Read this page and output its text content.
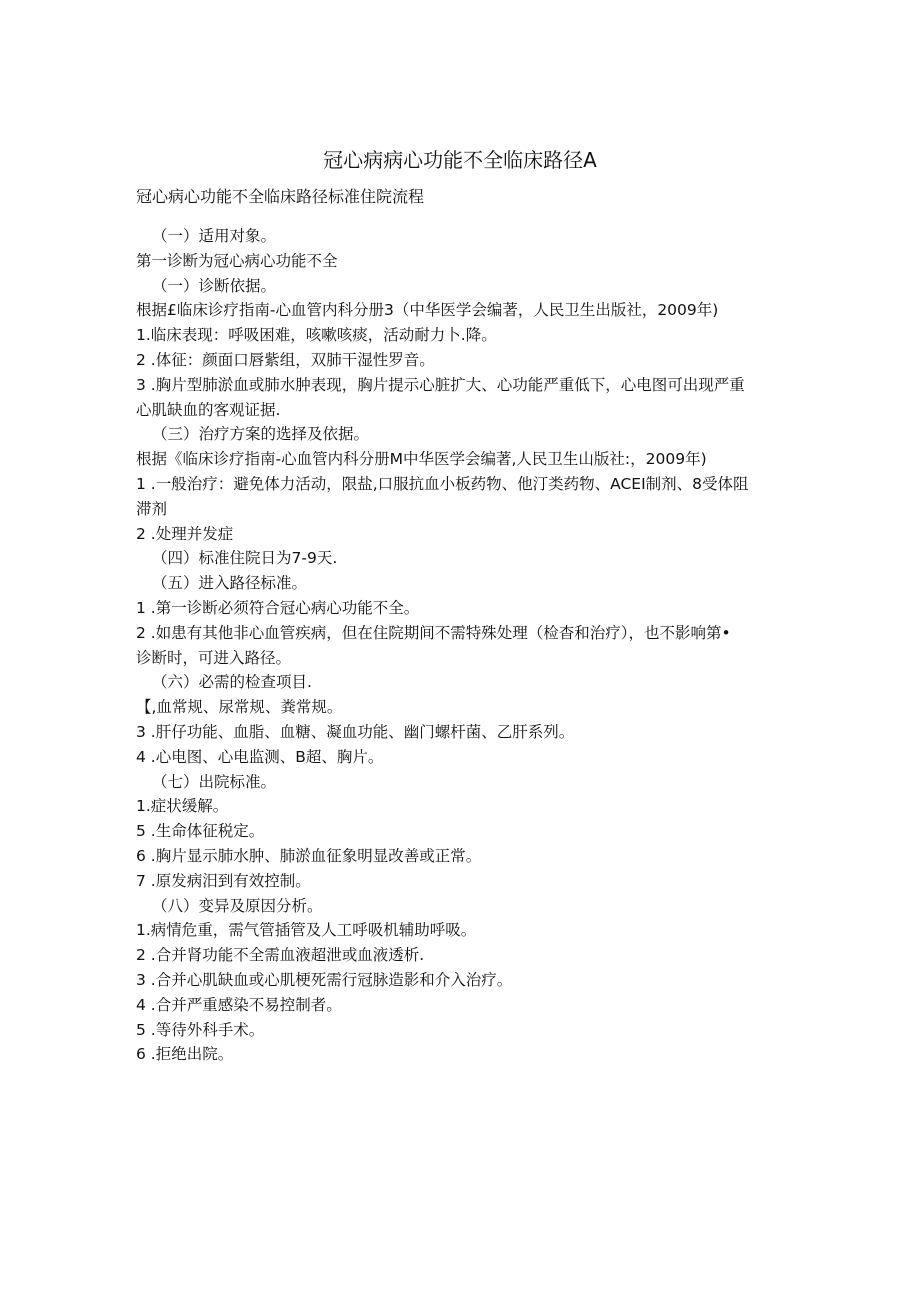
冠心病病心功能不全临床路径A
冠心病心功能不全临床路径标准住院流程
（一）适用对象。
第一诊断为冠心病心功能不全
（一）诊断依据。
根据£临床诊疗指南-心血管内科分册3（中华医学会编著，人民卫生出版社，2009年)
1.临床表现：呼吸困难，咳嗽咳痰，活动耐力卜.降。
2 .体征：颜面口唇紫组，双肺干湿性罗音。
3 .胸片型肺淤血或肺水肿表现，胸片提示心脏扩大、心功能严重低下，心电图可出现严重
心肌缺血的客观证据.
（三）治疗方案的选择及依据。
根据《临床诊疗指南-心血管内科分册M中华医学会编著,人民卫生山版社:，2009年)
1 .一般治疗：避免体力活动，限盐,口服抗血小板药物、他汀类药物、ACEI制剂、8受体阻
滞剂
2 .处理并发症
（四）标准住院日为7-9天.
（五）进入路径标准。
1 .第一诊断必须符合冠心病心功能不全。
2 .如患有其他非心血管疾病，但在住院期间不需特殊处理（检杳和治疗），也不影响第•
诊断时，可进入路径。
（六）必需的检查项目.
【,血常规、尿常规、粪常规。
3 .肝仔功能、血脂、血糖、凝血功能、幽门螺杆菌、乙肝系列。
4 .心电图、心电监测、B超、胸片。
（七）出院标准。
1.症状缓解。
5 .生命体征税定。
6 .胸片显示肺水肿、肺淤血征象明显改善或正常。
7 .原发病汨到有效控制。
（八）变异及原因分析。
1.病情危重，需气管插管及人工呼吸机辅助呼吸。
2 .合并肾功能不全需血液超泄或血液透析.
3 .合并心肌缺血或心肌梗死需行冠脉造影和介入治疗。
4 .合并严重感染不易控制者。
5 .等待外科手术。
6 .拒绝出院。
